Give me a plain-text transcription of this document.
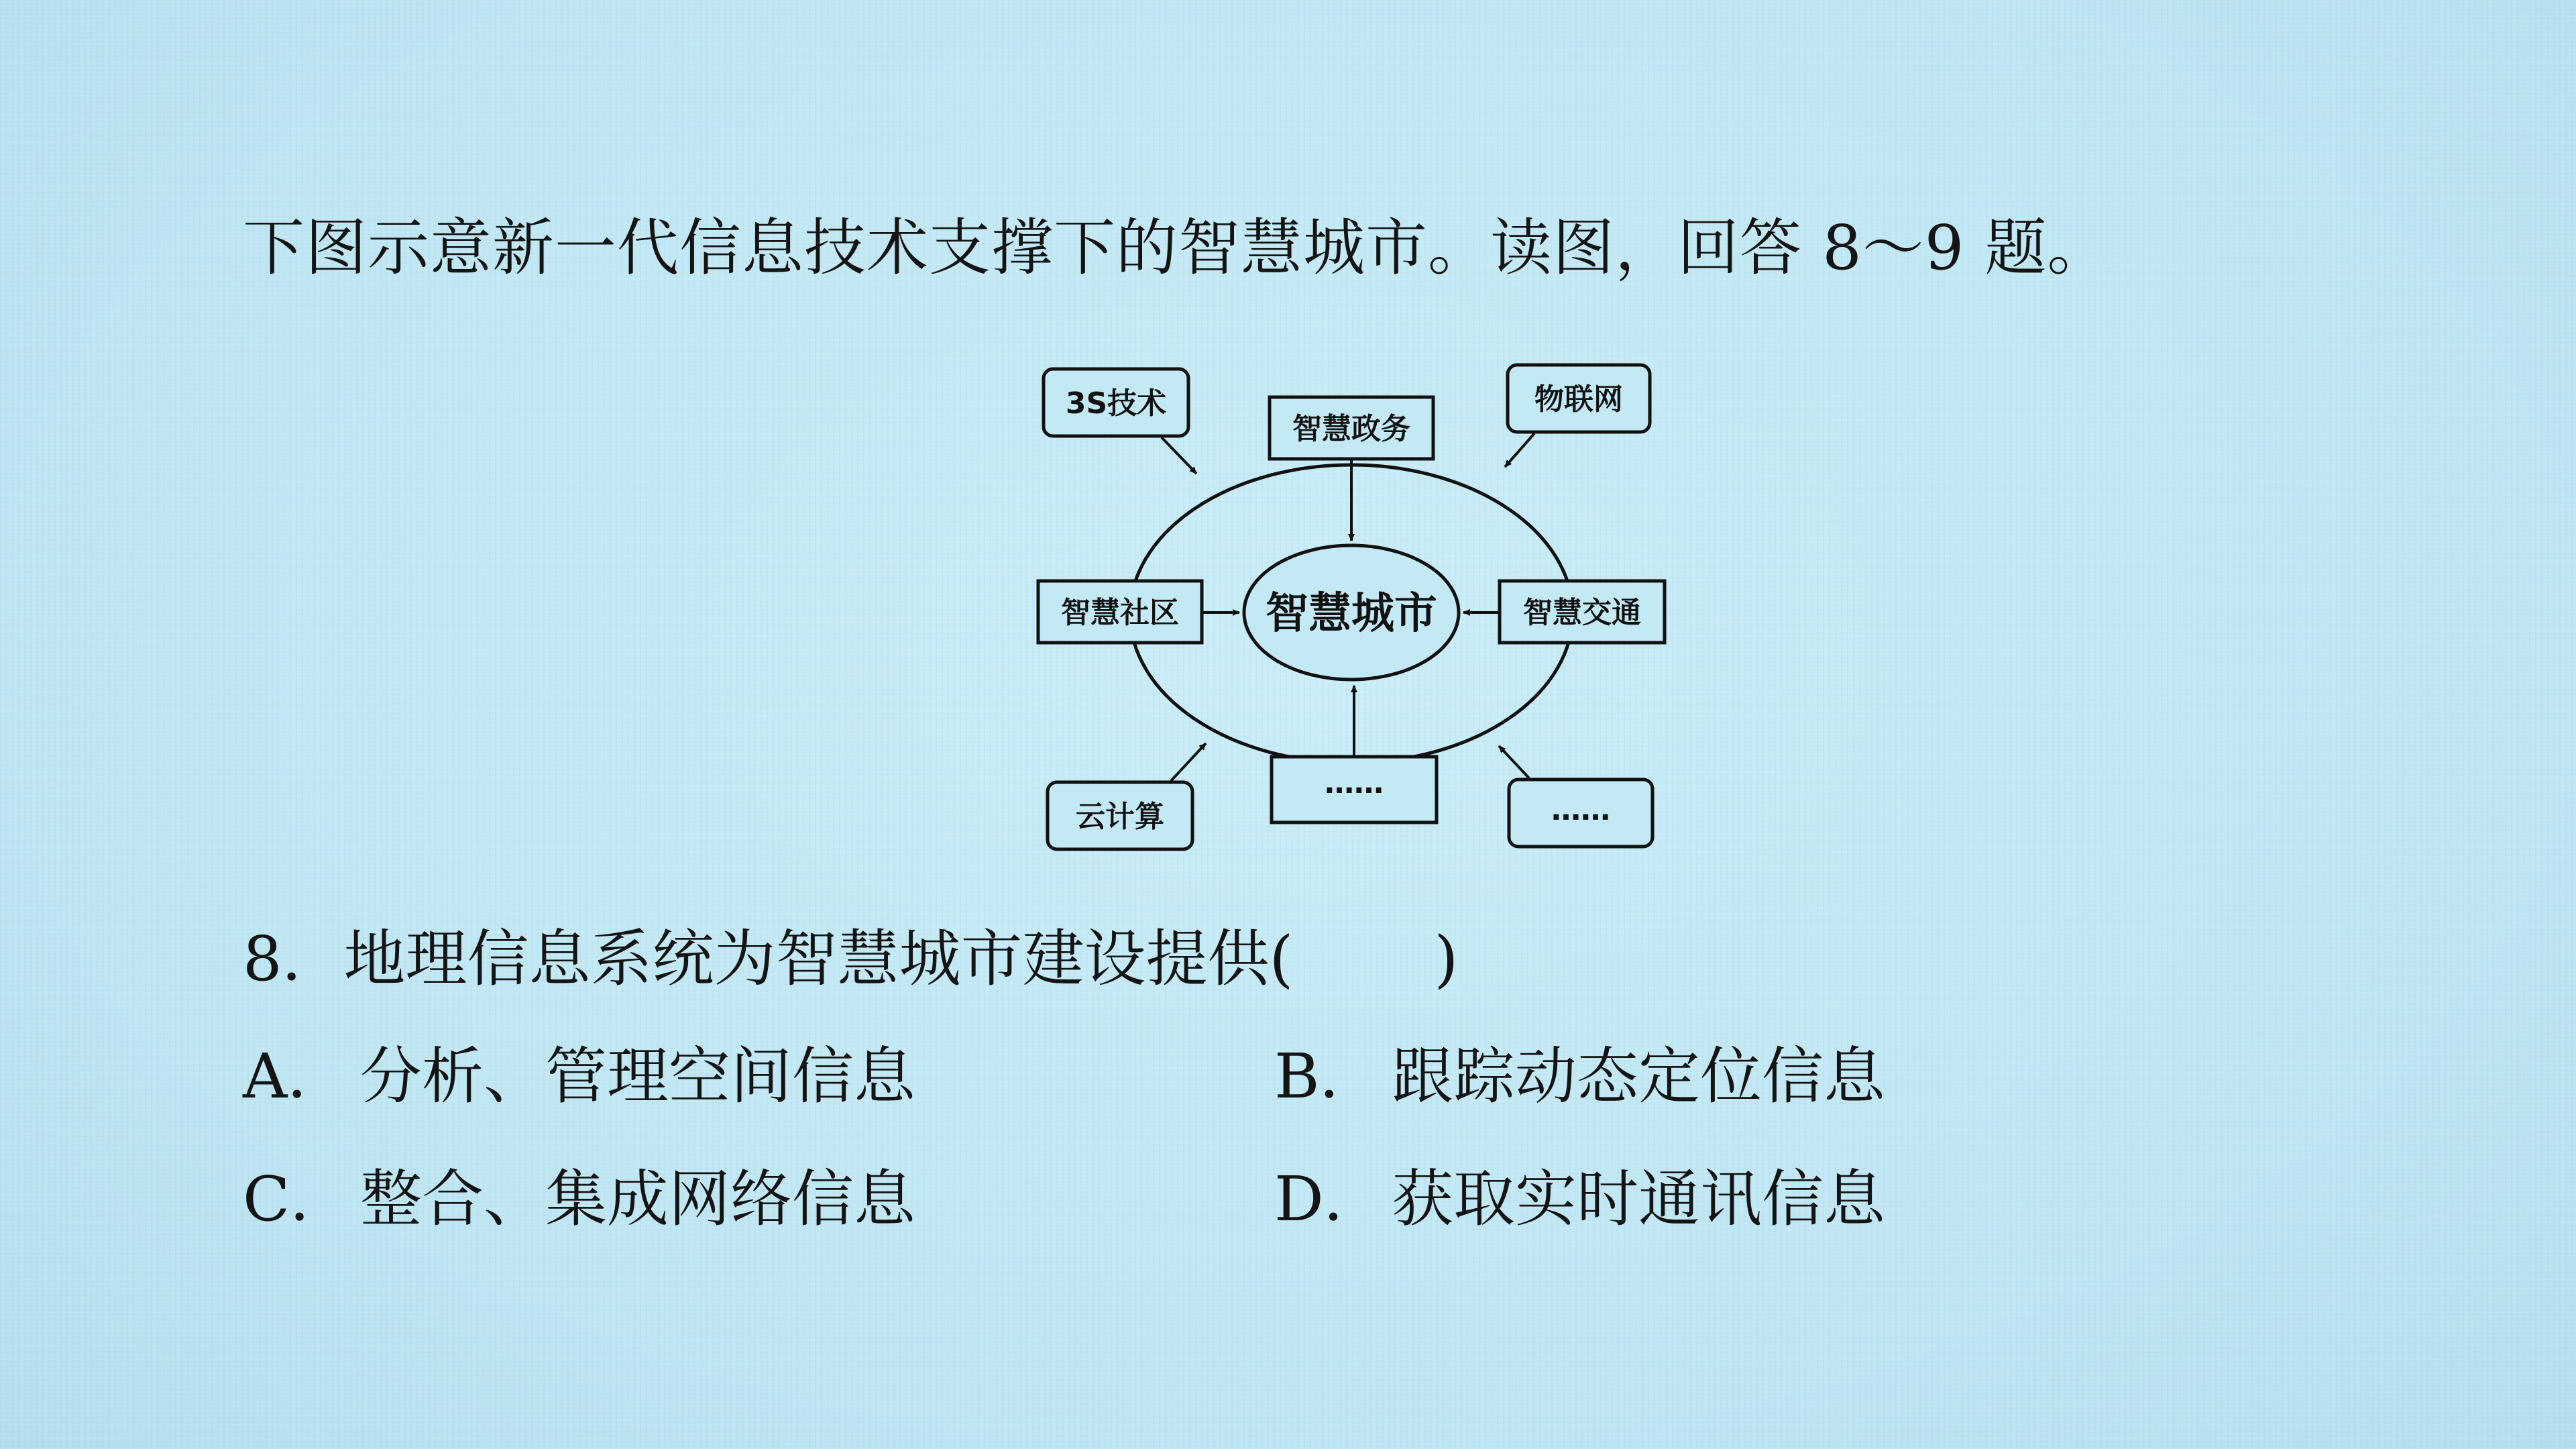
下图示意新一代信息技术支撑下的智慧城市。读图，回答 8～9 题。
智慧城市
智慧政务
智慧社区	智慧交通
……
3S技术	物联网
云计算	……
8．地理信息系统为智慧城市建设提供( )
A． 分析、管理空间信息	B． 跟踪动态定位信息
C． 整合、集成网络信息	D． 获取实时通讯信息
